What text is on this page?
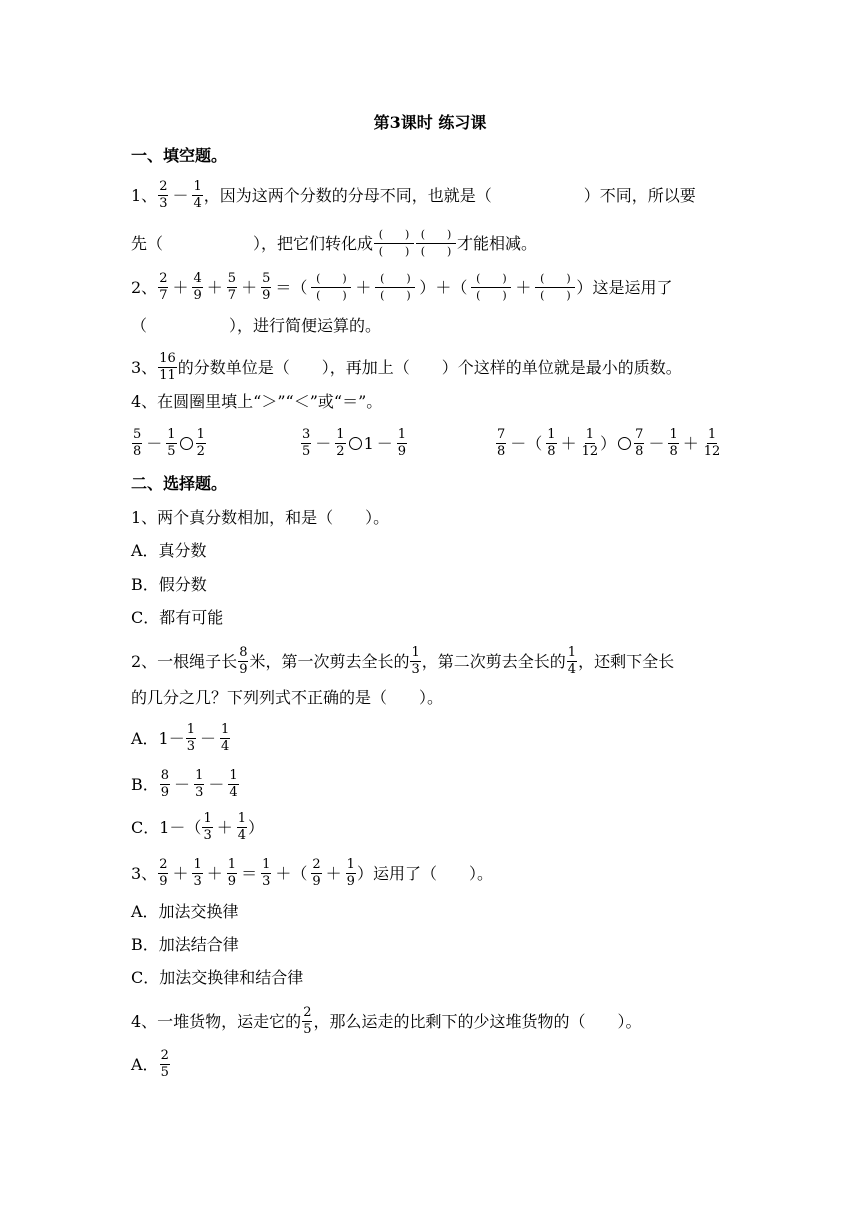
第3课时 练习课
一、填空题。
1、 $\frac{2}{3} - \frac{1}{4}$ ，因为这两个分数的分母不同，也就是（	）不同，所以要
先（	），把它们转化成 $\frac{( )}{( )} \frac{( )}{( )}$ 才能相减。
2、 $\frac{2}{7} + \frac{4}{9} + \frac{5}{7} + \frac{5}{9}$ ＝（ $\frac{( )}{( )} + \frac{( )}{( )}$ ）＋（ $\frac{( )}{( )} + \frac{( )}{( )}$ ） 这是运用了
（	），进行简便运算的。
3、 $\frac{16}{11}$ 的分数单位是（　　），再加上（　　）个这样的单位就是最小的质数。
4、在圆圈里填上“＞”“＜”或“＝”。
$\frac{5}{8} - \frac{1}{5} \frac{1}{2}$	$\frac{3}{5} - \frac{1}{2} 1 - \frac{1}{9}$	$\frac{7}{8}$ －（ $\frac{1}{8} + \frac{1}{12}$ ） $\frac{7}{8} - \frac{1}{8} + \frac{1}{12}$
二、选择题。
1、两个真分数相加，和是（　　）。
A．真分数
B．假分数
C．都有可能
2、一根绳子长 $\frac{8}{9}$ 米，第一次剪去全长的 $\frac{1}{3}$ ，第二次剪去全长的 $\frac{1}{4}$ ，还剩下全长
的几分之几？下列列式不正确的是（　　）。
A．$1- \frac{1}{3} - \frac{1}{4}$
B． $\frac{8}{9} - \frac{1}{3} - \frac{1}{4}$
C．$1-( \frac{1}{3} + \frac{1}{4}$ ）
3、 $\frac{2}{9} + \frac{1}{3} + \frac{1}{9} = \frac{1}{3}$ ＋（ $\frac{2}{9} + \frac{1}{9}$ ）运用了（　　）。
A．加法交换律
B．加法结合律
C．加法交换律和结合律
4、一堆货物，运走它的 $\frac{2}{5}$ ，那么运走的比剩下的少这堆货物的（　　）。
A． $\frac{2}{5}$
